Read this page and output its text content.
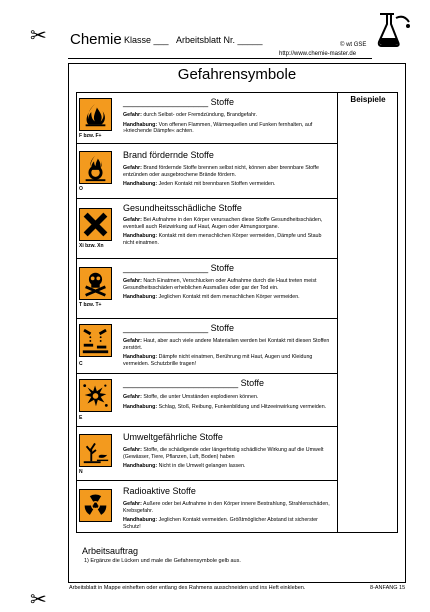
✂
✂
Chemie Klasse ___ Arbeitsblatt Nr. _____	© wt GSE
http://www.chemie-master.de
Gefahrensymbole
Beispiele
F bzw. F+
_________________ Stoffe
Gefahr: durch Selbst- oder Fremdzündung, Brandgefahr.
Handhabung: Von offenen Flammen, Wärmequellen und Funken fernhalten, auf »kriechende Dämpfe« achten.
O
Brand fördernde Stoffe
Gefahr: Brand fördernde Stoffe brennen selbst nicht, können aber brennbare Stoffe entzünden oder ausgebrochene Brände fördern.
Handhabung: Jeden Kontakt mit brennbaren Stoffen vermeiden.
Xi bzw. Xn
Gesundheitsschädliche Stoffe
Gefahr: Bei Aufnahme in den Körper verursachen diese Stoffe Gesundheitsschäden, eventuell auch Reizwirkung auf Haut, Augen oder Atmungsorgane.
Handhabung: Kontakt mit dem menschlichen Körper vermeiden, Dämpfe und Staub nicht einatmen.
T bzw. T+
_________________ Stoffe
Gefahr: Nach Einatmen, Verschlucken oder Aufnahme durch die Haut treten meist Gesundheitsschäden erheblichen Ausmaßes oder gar der Tod ein.
Handhabung: Jeglichen Kontakt mit dem menschlichen Körper vermeiden.
C
_________________ Stoffe
Gefahr: Haut, aber auch viele andere Materialien werden bei Kontakt mit diesen Stoffen zerstört.
Handhabung: Dämpfe nicht einatmen, Berührung mit Haut, Augen und Kleidung vermeiden. Schutzbrille tragen!
E
_______________________ Stoffe
Gefahr: Stoffe, die unter Umständen explodieren können.
Handhabung: Schlag, Stoß, Reibung, Funkenbildung und Hitzeeinwirkung vermeiden.
N
Umweltgefährliche Stoffe
Gefahr: Stoffe, die schädigende oder längerfristig schädliche Wirkung auf die Umwelt (Gewässer, Tiere, Pflanzen, Luft, Boden) haben
Handhabung: Nicht in die Umwelt gelangen lassen.
Radioaktive Stoffe
Gefahr: Außere oder bei Aufnahme in den Körper innere Bestrahlung, Strahlenschäden, Krebsgefahr.
Handhabung: Jeglichen Kontakt vermeiden. Größtmöglicher Abstand ist sicherster Schutz!
Arbeitsauftrag
1) Ergänze die Lücken und male die Gefahrensymbole gelb aus.
Arbeitsblatt in Mappe einheften oder entlang des Rahmens ausschneiden und ins Heft einkleben.	8-ANFANG 15
